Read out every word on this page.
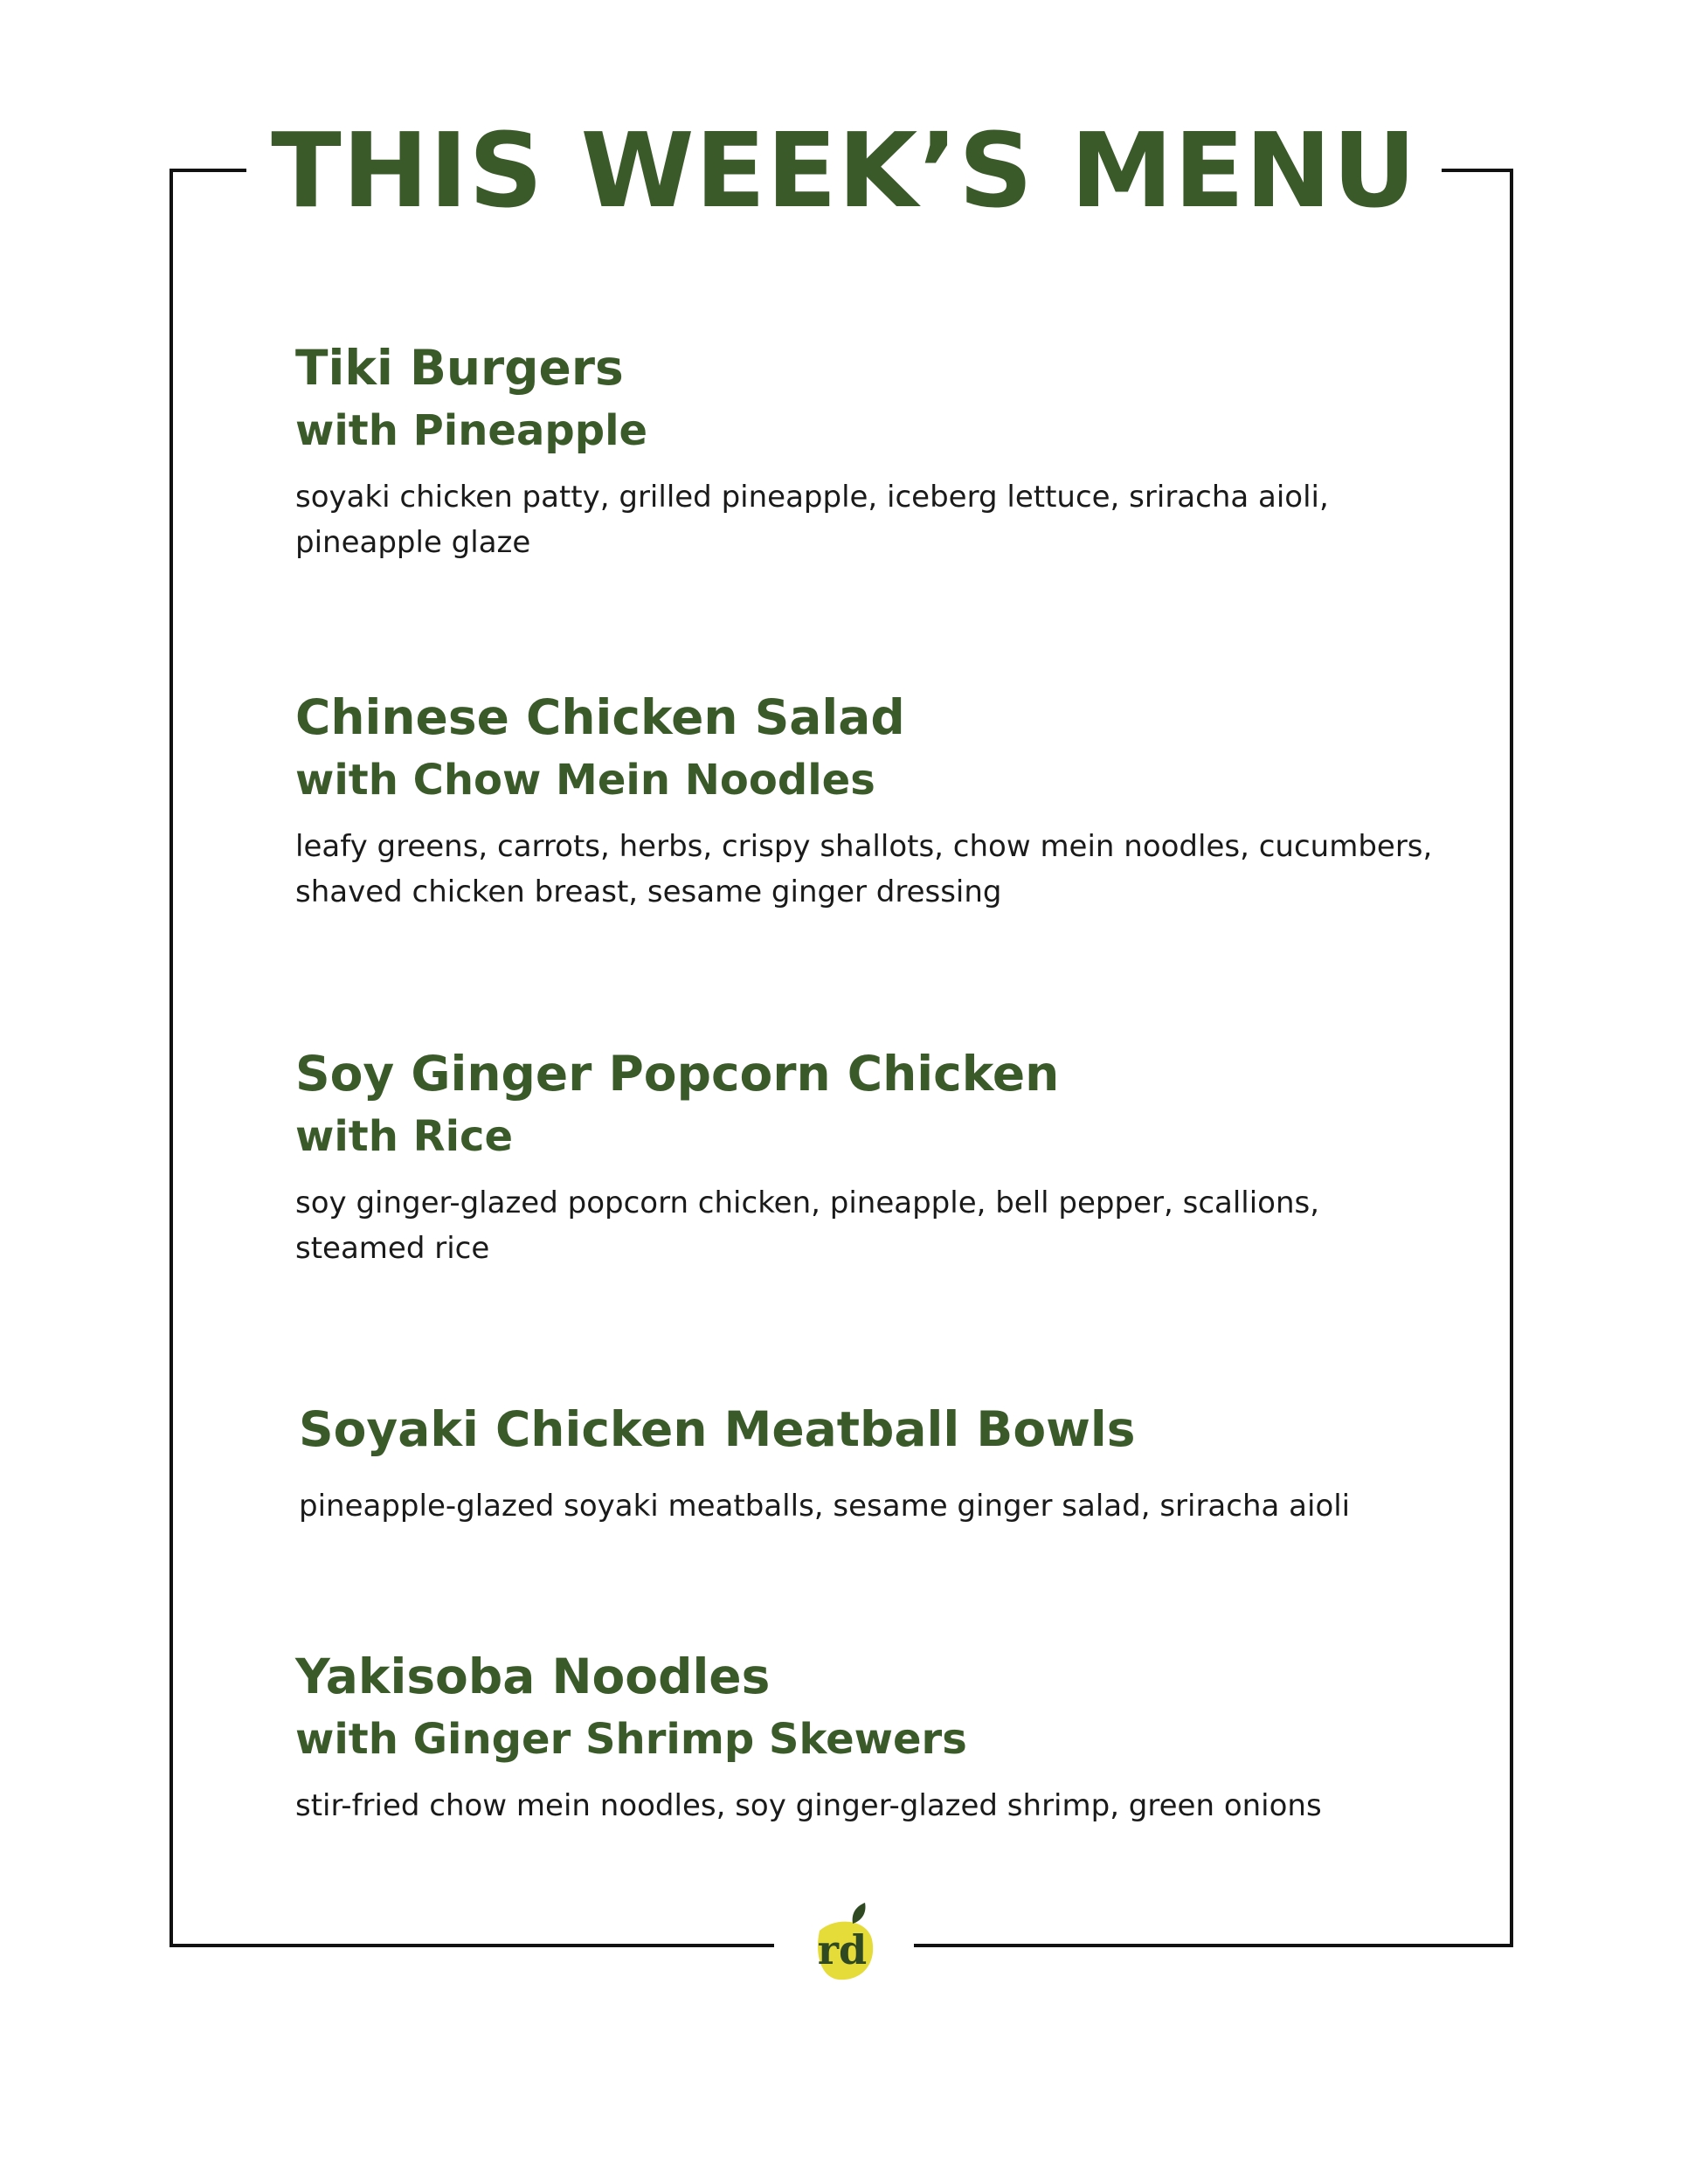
THIS WEEK’S MENU
Tiki Burgers
with Pineapple
soyaki chicken patty, grilled pineapple, iceberg lettuce, sriracha aioli, pineapple glaze
Chinese Chicken Salad
with Chow Mein Noodles
leafy greens, carrots, herbs, crispy shallots, chow mein noodles, cucumbers, shaved chicken breast, sesame ginger dressing
Soy Ginger Popcorn Chicken
with Rice
soy ginger-glazed popcorn chicken, pineapple, bell pepper, scallions, steamed rice
Soyaki Chicken Meatball Bowls
pineapple-glazed soyaki meatballs, sesame ginger salad, sriracha aioli
Yakisoba Noodles
with Ginger Shrimp Skewers
stir-fried chow mein noodles, soy ginger-glazed shrimp, green onions
rd
